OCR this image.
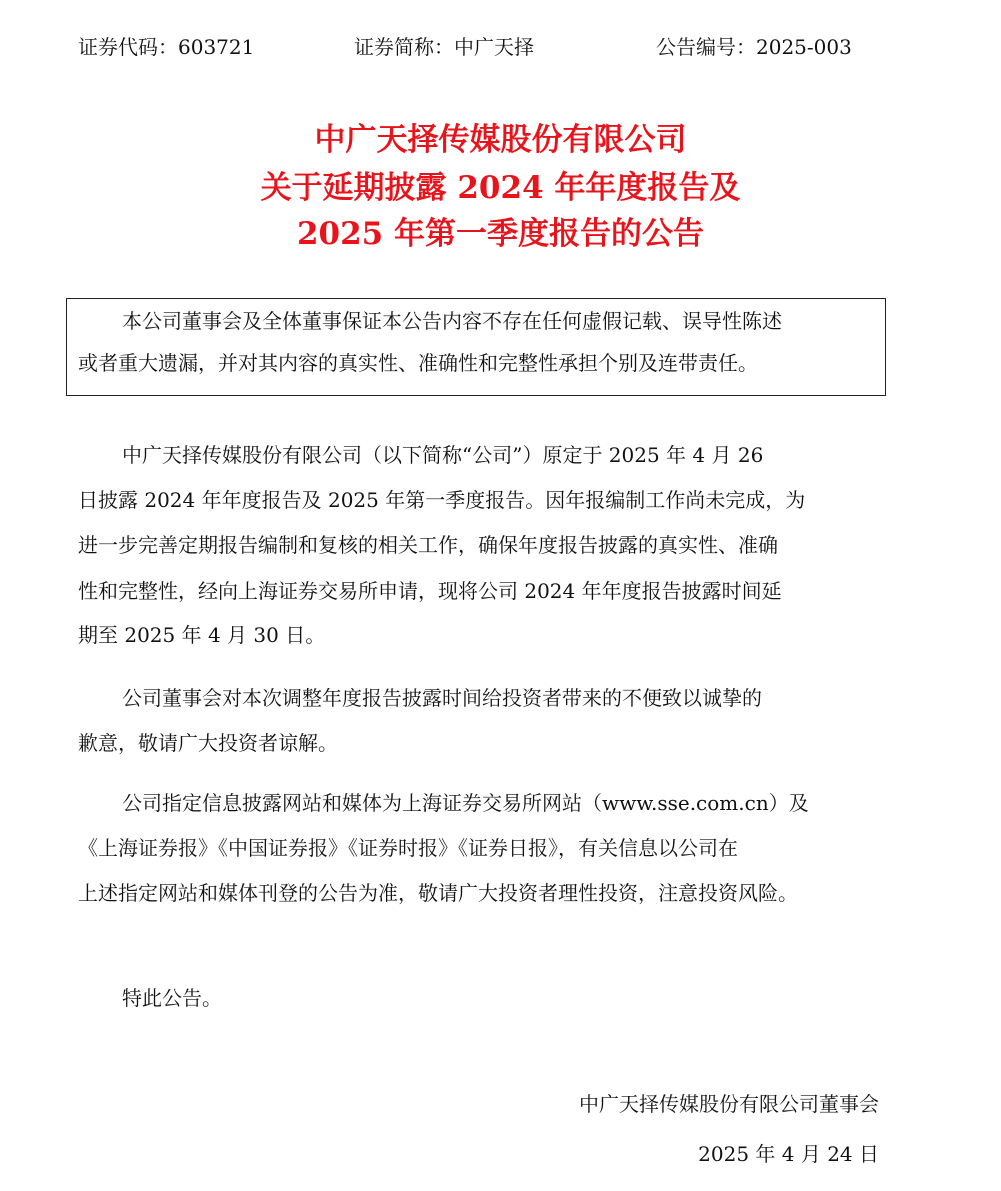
证券代码：603721	证券简称：中广天择	公告编号：2025-003
中广天择传媒股份有限公司
关于延期披露 2024 年年度报告及
2025 年第一季度报告的公告
本公司董事会及全体董事保证本公告内容不存在任何虚假记载、误导性陈述
或者重大遗漏，并对其内容的真实性、准确性和完整性承担个别及连带责任。
中广天择传媒股份有限公司（以下简称“公司”）原定于 2025 年 4 月 26
日披露 2024 年年度报告及 2025 年第一季度报告。因年报编制工作尚未完成，为
进一步完善定期报告编制和复核的相关工作，确保年度报告披露的真实性、准确
性和完整性，经向上海证券交易所申请，现将公司 2024 年年度报告披露时间延
期至 2025 年 4 月 30 日。
公司董事会对本次调整年度报告披露时间给投资者带来的不便致以诚挚的
歉意，敬请广大投资者谅解。
公司指定信息披露网站和媒体为上海证券交易所网站（www.sse.com.cn）及
《上海证券报》《中国证券报》《证券时报》《证券日报》，有关信息以公司在
上述指定网站和媒体刊登的公告为准，敬请广大投资者理性投资，注意投资风险。
特此公告。
中广天择传媒股份有限公司董事会
2025 年 4 月 24 日
